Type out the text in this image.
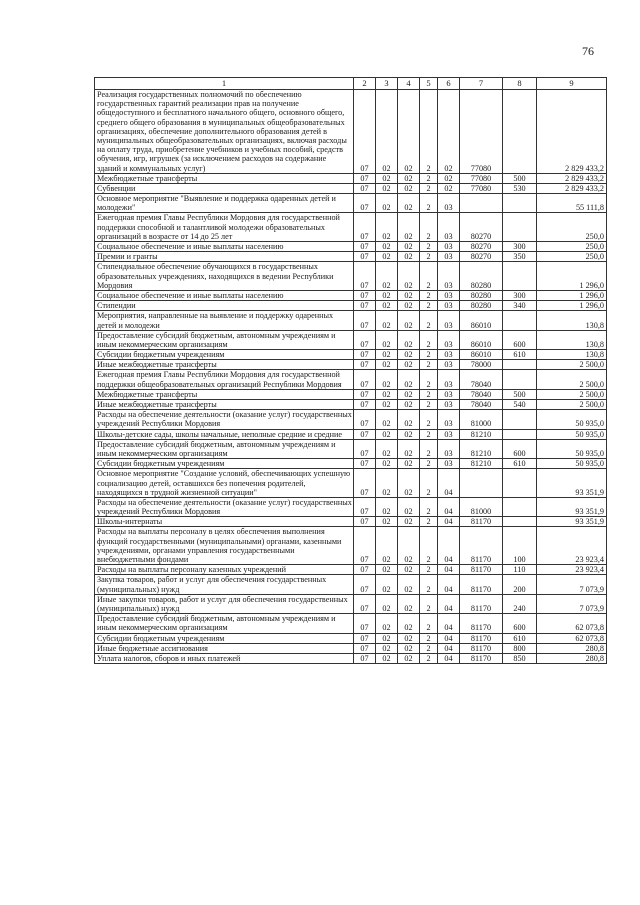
76
1	2	3	4	5	6	7	8	9
Реализация государственных полномочий по обеспечению государственных гарантий реализации прав на получение общедоступного и бесплатного начального общего, основного общего, среднего общего образования в муниципальных общеобразовательных организациях, обеспечение дополнительного образования детей в муниципальных общеобразовательных организациях, включая расходы на оплату труда, приобретение учебников и учебных пособий, средств обучения, игр, игрушек (за исключением расходов на содержание зданий и коммунальных услуг)	07	02	02	2	02	77080		2 829 433,2
Межбюджетные трансферты	07	02	02	2	02	77080	500	2 829 433,2
Субвенции	07	02	02	2	02	77080	530	2 829 433,2
Основное мероприятие "Выявление и поддержка одаренных детей и молодежи"	07	02	02	2	03			55 111,8
Ежегодная премия Главы Республики Мордовия для государственной поддержки способной и талантливой молодежи образовательных организаций в возрасте от 14 до 25 лет	07	02	02	2	03	80270		250,0
Социальное обеспечение и иные выплаты населению	07	02	02	2	03	80270	300	250,0
Премии и гранты	07	02	02	2	03	80270	350	250,0
Стипендиальное обеспечение обучающихся в государственных образовательных учреждениях, находящихся в ведении Республики Мордовия	07	02	02	2	03	80280		1 296,0
Социальное обеспечение и иные выплаты населению	07	02	02	2	03	80280	300	1 296,0
Стипендии	07	02	02	2	03	80280	340	1 296,0
Мероприятия, направленные на выявление и поддержку одаренных детей и молодежи	07	02	02	2	03	86010		130,8
Предоставление субсидий бюджетным, автономным учреждениям и иным некоммерческим организациям	07	02	02	2	03	86010	600	130,8
Субсидии бюджетным учреждениям	07	02	02	2	03	86010	610	130,8
Иные межбюджетные трансферты	07	02	02	2	03	78000		2 500,0
Ежегодная премия Главы Республики Мордовия для государственной поддержки общеобразовательных организаций Республики Мордовия	07	02	02	2	03	78040		2 500,0
Межбюджетные трансферты	07	02	02	2	03	78040	500	2 500,0
Иные межбюджетные трансферты	07	02	02	2	03	78040	540	2 500,0
Расходы на обеспечение деятельности (оказание услуг) государственных учреждений Республики Мордовия	07	02	02	2	03	81000		50 935,0
Школы-детские сады, школы начальные, неполные средние и средние	07	02	02	2	03	81210		50 935,0
Предоставление субсидий бюджетным, автономным учреждениям и иным некоммерческим организациям	07	02	02	2	03	81210	600	50 935,0
Субсидии бюджетным учреждениям	07	02	02	2	03	81210	610	50 935,0
Основное мероприятие "Создание условий, обеспечивающих успешную социализацию детей, оставшихся без попечения родителей, находящихся в трудной жизненной ситуации"	07	02	02	2	04			93 351,9
Расходы на обеспечение деятельности (оказание услуг) государственных учреждений Республики Мордовия	07	02	02	2	04	81000		93 351,9
Школы-интернаты	07	02	02	2	04	81170		93 351,9
Расходы на выплаты персоналу в целях обеспечения выполнения функций государственными (муниципальными) органами, казенными учреждениями, органами управления государственными внебюджетными фондами	07	02	02	2	04	81170	100	23 923,4
Расходы на выплаты персоналу казенных учреждений	07	02	02	2	04	81170	110	23 923,4
Закупка товаров, работ и услуг для обеспечения государственных (муниципальных) нужд	07	02	02	2	04	81170	200	7 073,9
Иные закупки товаров, работ и услуг для обеспечения государственных (муниципальных) нужд	07	02	02	2	04	81170	240	7 073,9
Предоставление субсидий бюджетным, автономным учреждениям и иным некоммерческим организациям	07	02	02	2	04	81170	600	62 073,8
Субсидии бюджетным учреждениям	07	02	02	2	04	81170	610	62 073,8
Иные бюджетные ассигнования	07	02	02	2	04	81170	800	280,8
Уплата налогов, сборов и иных платежей	07	02	02	2	04	81170	850	280,8
